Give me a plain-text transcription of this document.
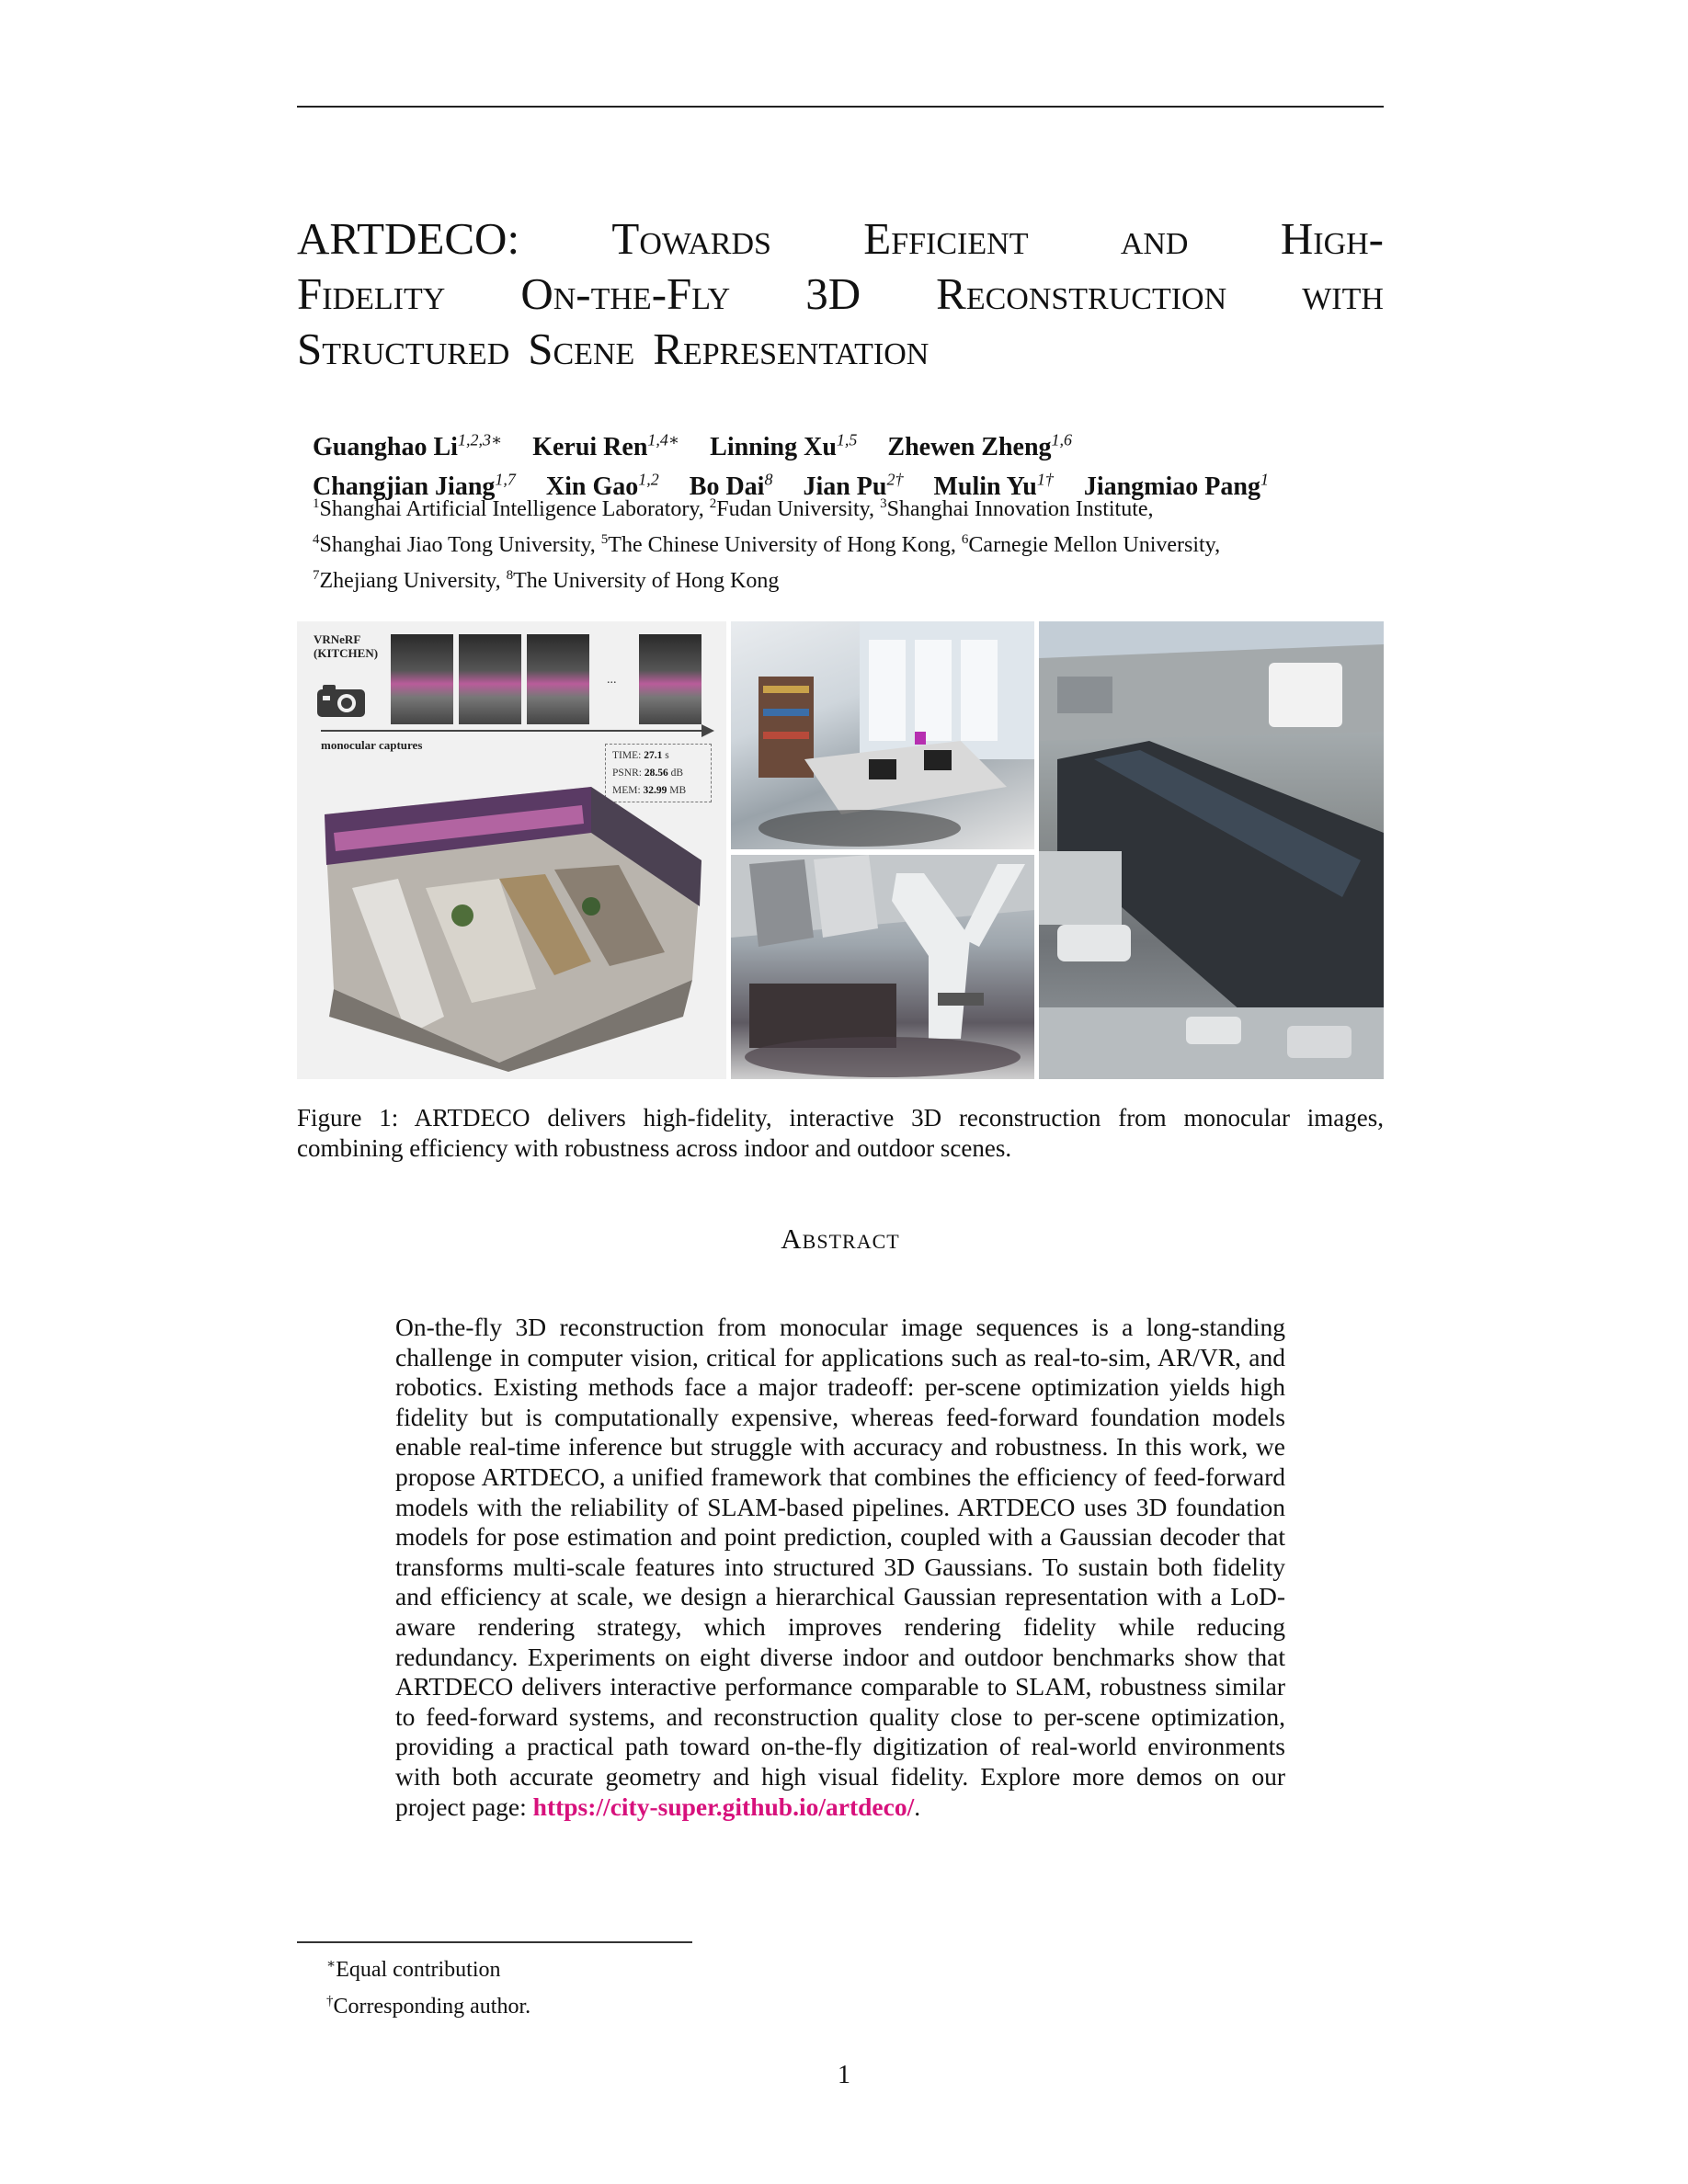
ARTDECO: Towards Efficient and High-
Fidelity On-the-Fly 3D Reconstruction with
Structured Scene Representation
Guanghao $Li^{1,2,3∗}$ Kerui Ren$^{1,4∗}$ Linning Xu$^{1,5}$ Zhewen Zheng$^{1,6}$
Changjian Jiang$^{1,7}$ Xin Gao$^{1,2}$ Bo Dai$^8$ Jian $Pu^{2\dagger}$ Mulin $Yu^{1\dagger}$ Jiangmiao Pang$^1$
$^1$Shanghai Artificial Intelligence Laboratory, $^2$Fudan University, $^3$Shanghai Innovation Institute,
$^4$Shanghai Jiao Tong University, $^5$The Chinese University of Hong Kong, $^6$Carnegie Mellon University,
$^7$Zhejiang University, $^8$The University of Hong Kong
VRNeRF
(KITCHEN)
...
monocular captures
TIME: 27.1 s
PSNR: 28.56 dB
MEM: 32.99 MB
Figure 1: ARTDECO delivers high-fidelity, interactive 3D reconstruction from monocular images, combining efficiency with robustness across indoor and outdoor scenes.
Abstract
On-the-fly 3D reconstruction from monocular image sequences is a long-standing challenge in computer vision, critical for applications such as real-to-sim, AR/VR, and robotics. Existing methods face a major tradeoff: per-scene optimization yields high fidelity but is computationally expensive, whereas feed-forward foundation models enable real-time inference but struggle with accuracy and robustness. In this work, we propose ARTDECO, a unified framework that combines the efficiency of feed-forward models with the reliability of SLAM-based pipelines. ARTDECO uses 3D foundation models for pose estimation and point prediction, coupled with a Gaussian decoder that transforms multi-scale features into structured 3D Gaussians. To sustain both fidelity and efficiency at scale, we design a hierarchical Gaussian representation with a LoD-aware rendering strategy, which improves rendering fidelity while reducing redundancy. Experiments on eight diverse indoor and outdoor benchmarks show that ARTDECO delivers interactive performance comparable to SLAM, robustness similar to feed-forward systems, and reconstruction quality close to per-scene optimization, providing a practical path toward on-the-fly digitization of real-world environments with both accurate geometry and high visual fidelity. Explore more demos on our project page: https://city-super.github.io/artdeco/.
∗Equal contribution
†Corresponding author.
1
